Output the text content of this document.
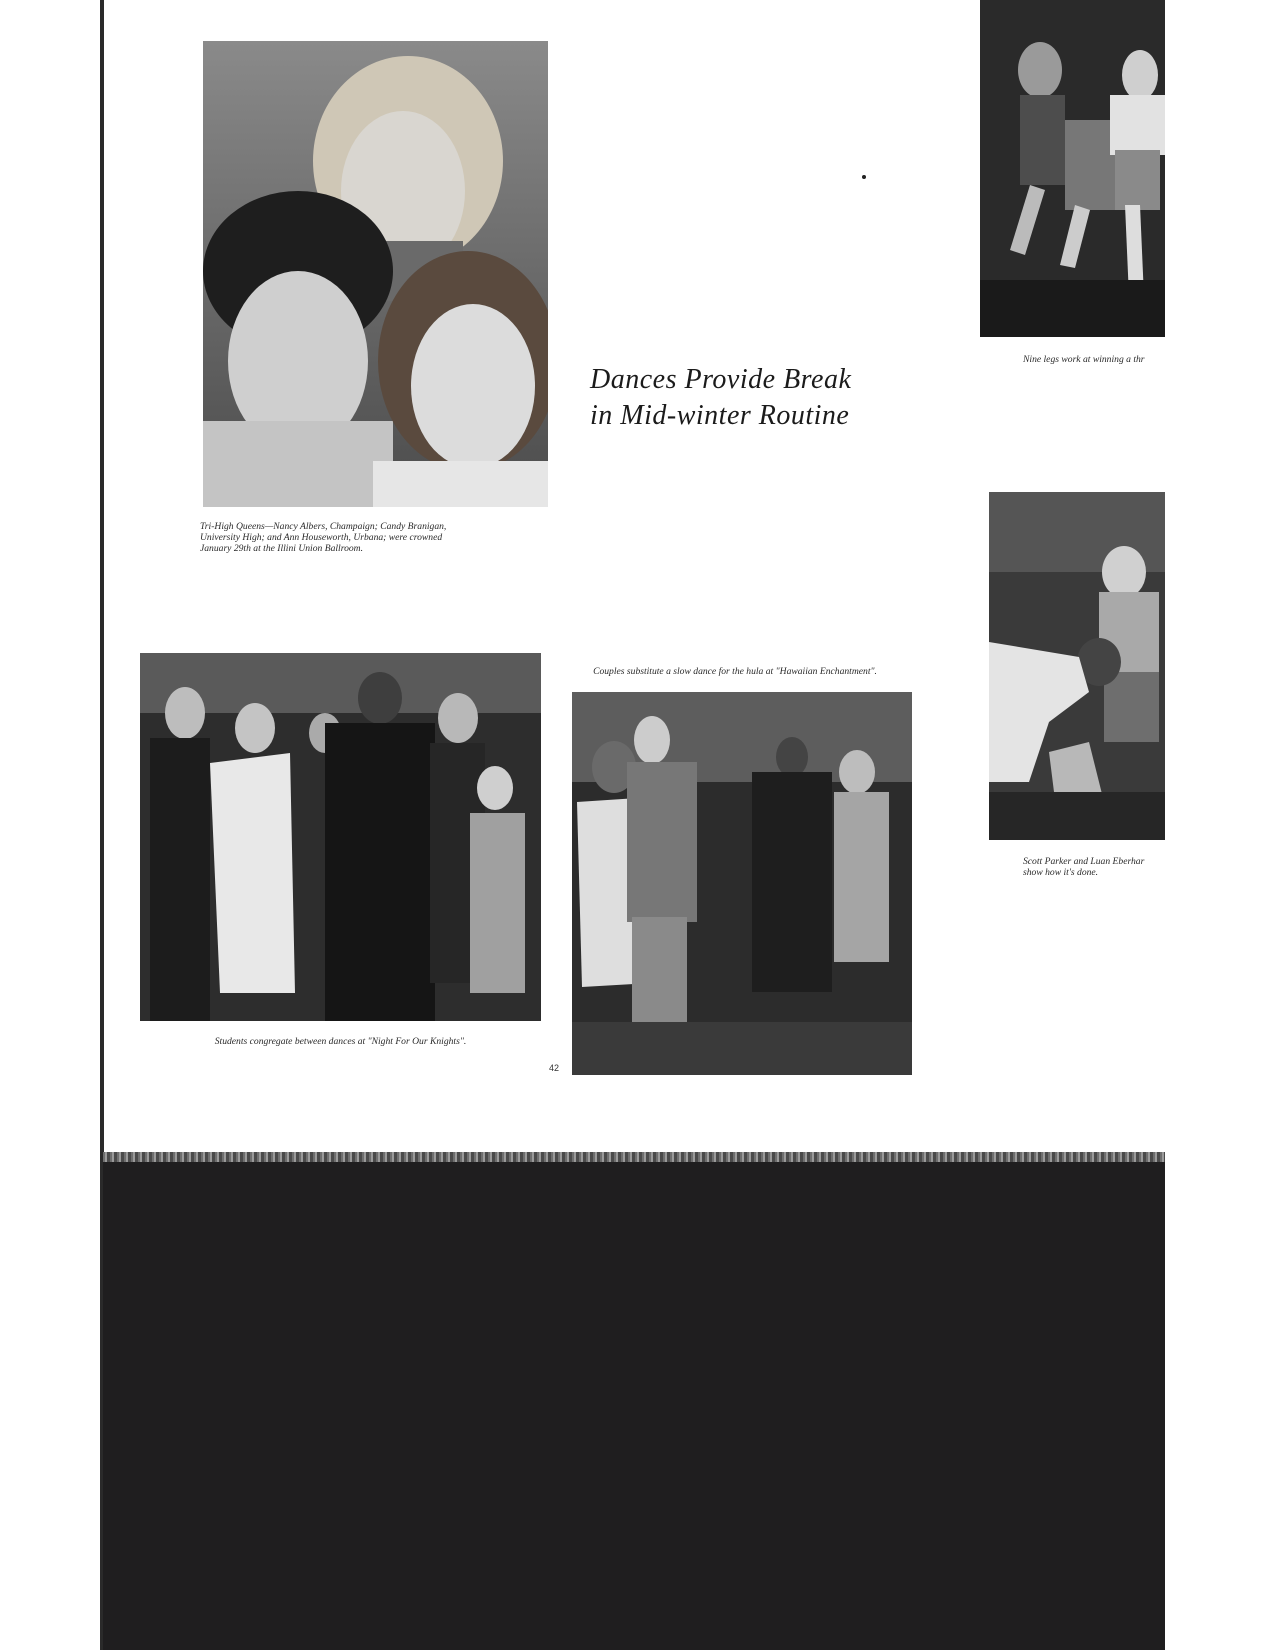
Tri-High Queens—Nancy Albers, Champaign; Candy Branigan,
University High; and Ann Houseworth, Urbana; were crowned
January 29th at the Illini Union Ballroom.
Dances Provide Break
in Mid-winter Routine
Nine legs work at winning a thr
Scott Parker and Luan Eberhar
show how it's done.
Students congregate between dances at "Night For Our Knights".
Couples substitute a slow dance for the hula at "Hawaiian Enchantment".
42
